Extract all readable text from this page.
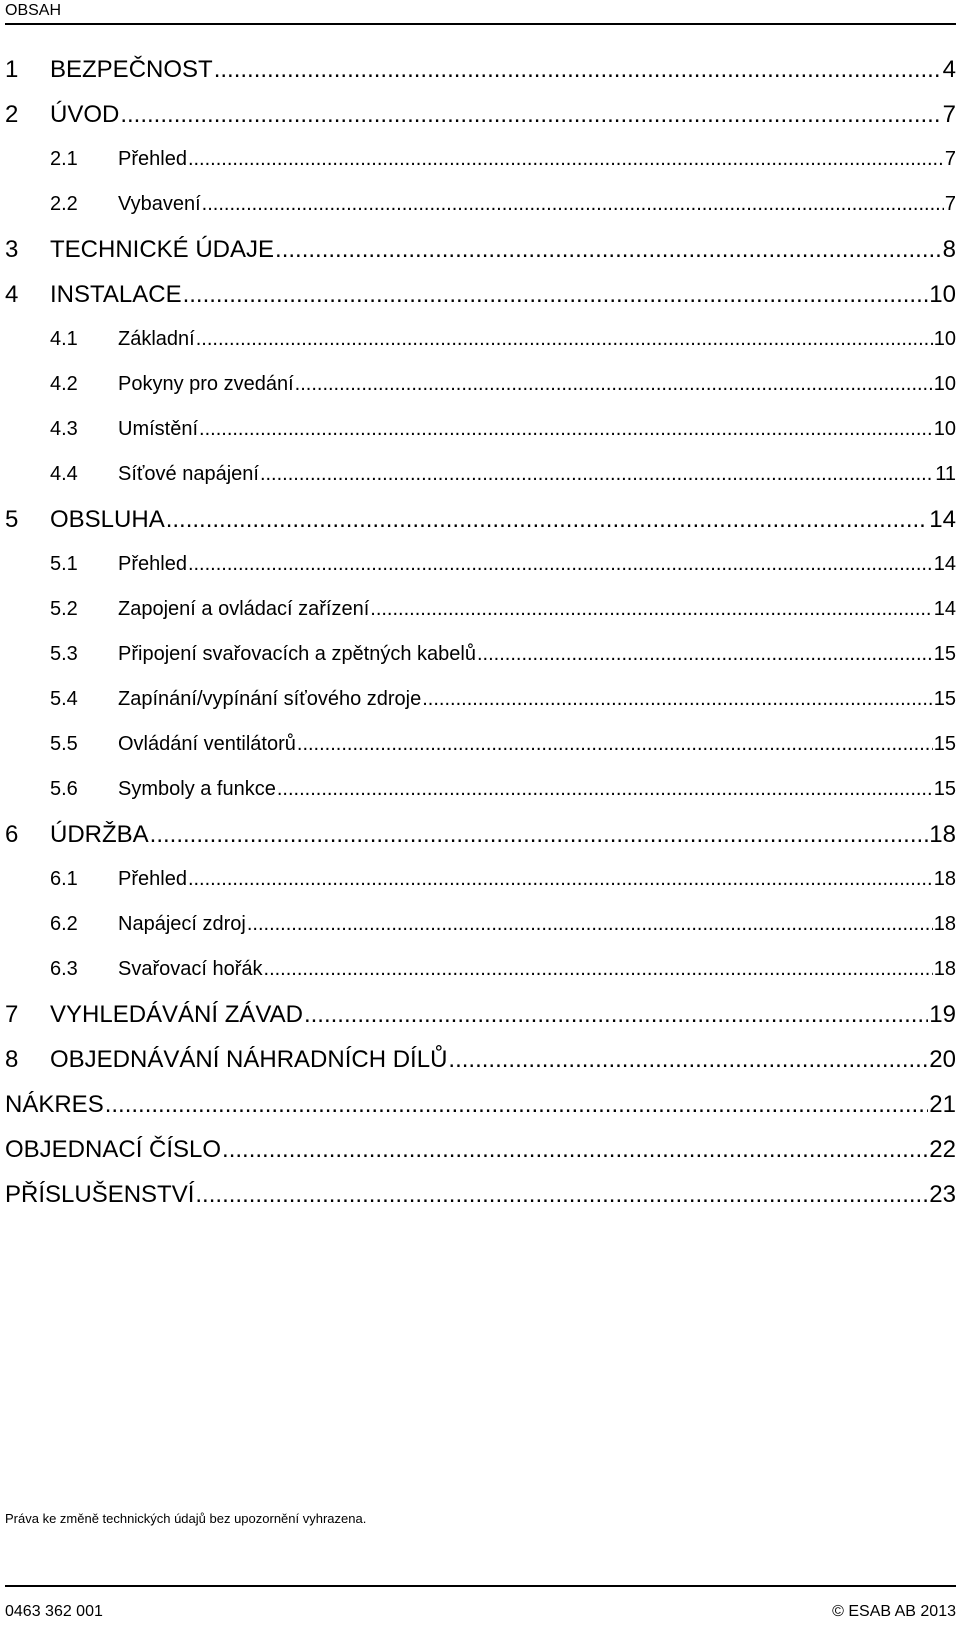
OBSAH
1	BEZPEČNOST .....	4
2	ÚVOD .....	7
2.1	Přehled .....	7
2.2	Vybavení .....	7
3	TECHNICKÉ ÚDAJE .....	8
4	INSTALACE .....	10
4.1	Základní .....	10
4.2	Pokyny pro zvedání .....	10
4.3	Umístění .....	10
4.4	Síťové napájení .....	11
5	OBSLUHA .....	14
5.1	Přehled .....	14
5.2	Zapojení a ovládací zařízení .....	14
5.3	Připojení svařovacích a zpětných kabelů .....	15
5.4	Zapínání/vypínání síťového zdroje .....	15
5.5	Ovládání ventilátorů .....	15
5.6	Symboly a funkce .....	15
6	ÚDRŽBA .....	18
6.1	Přehled .....	18
6.2	Napájecí zdroj .....	18
6.3	Svařovací hořák .....	18
7	VYHLEDÁVÁNÍ ZÁVAD .....	19
8	OBJEDNÁVÁNÍ NÁHRADNÍCH DÍLŮ .....	20
NÁKRES .....	21
OBJEDNACÍ ČÍSLO .....	22
PŘÍSLUŠENSTVÍ .....	23
Práva ke změně technických údajů bez upozornění vyhrazena.
0463 362 001	© ESAB AB 2013
